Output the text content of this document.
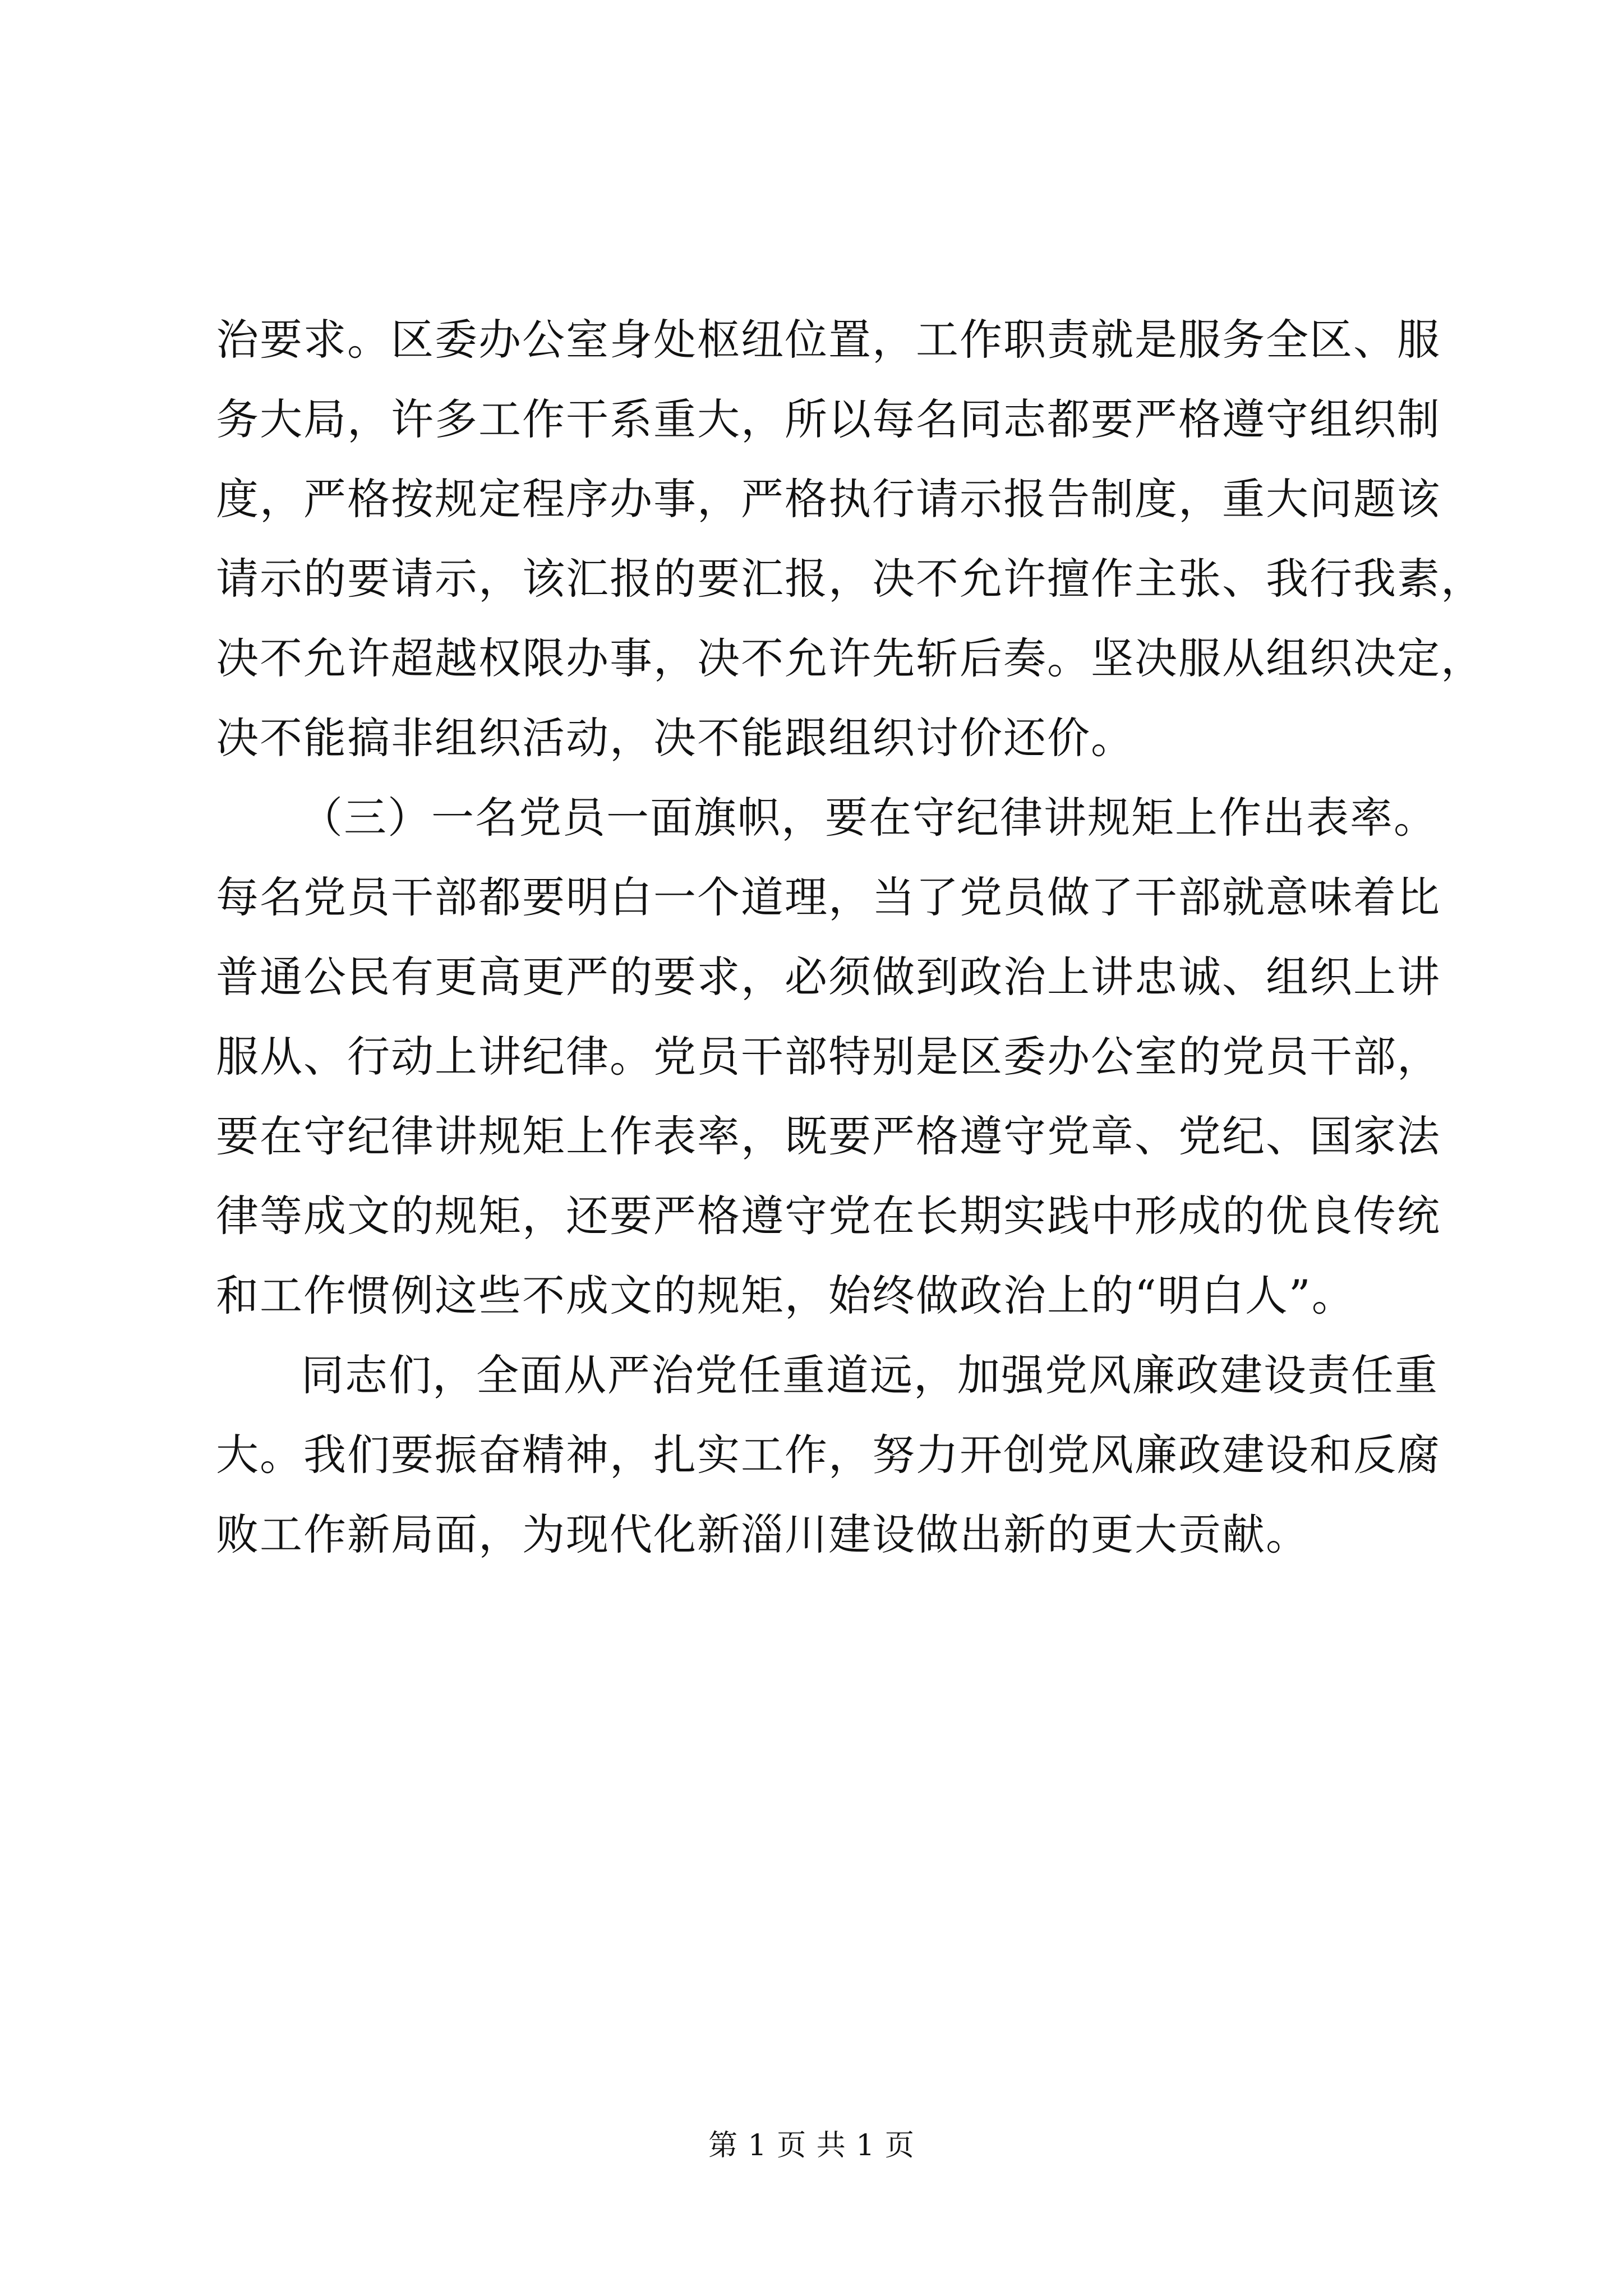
治要求。区委办公室身处枢纽位置，工作职责就是服务全区、服
务大局，许多工作干系重大，所以每名同志都要严格遵守组织制
度，严格按规定程序办事，严格执行请示报告制度，重大问题该
请示的要请示，该汇报的要汇报，决不允许擅作主张、我行我素，
决不允许超越权限办事，决不允许先斩后奏。坚决服从组织决定，
决不能搞非组织活动，决不能跟组织讨价还价。
（三）一名党员一面旗帜，要在守纪律讲规矩上作出表率。
每名党员干部都要明白一个道理，当了党员做了干部就意味着比
普通公民有更高更严的要求，必须做到政治上讲忠诚、组织上讲
服从、行动上讲纪律。党员干部特别是区委办公室的党员干部，
要在守纪律讲规矩上作表率，既要严格遵守党章、党纪、国家法
律等成文的规矩，还要严格遵守党在长期实践中形成的优良传统
和工作惯例这些不成文的规矩，始终做政治上的“明白人”。
同志们，全面从严治党任重道远，加强党风廉政建设责任重
大。我们要振奋精神，扎实工作，努力开创党风廉政建设和反腐
败工作新局面，为现代化新淄川建设做出新的更大贡献。
第 1 页 共 1 页
